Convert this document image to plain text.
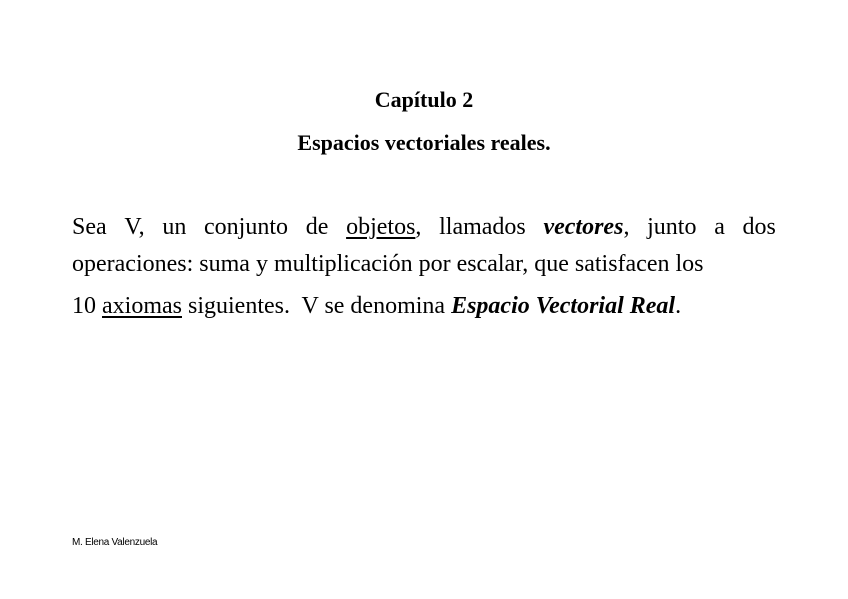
Capítulo 2
Espacios vectoriales reales.
Sea V, un conjunto de objetos, llamados vectores, junto a dos
operaciones: suma y multiplicación por escalar, que satisfacen los
10 axiomas siguientes.  V se denomina Espacio Vectorial Real.
M. Elena Valenzuela
